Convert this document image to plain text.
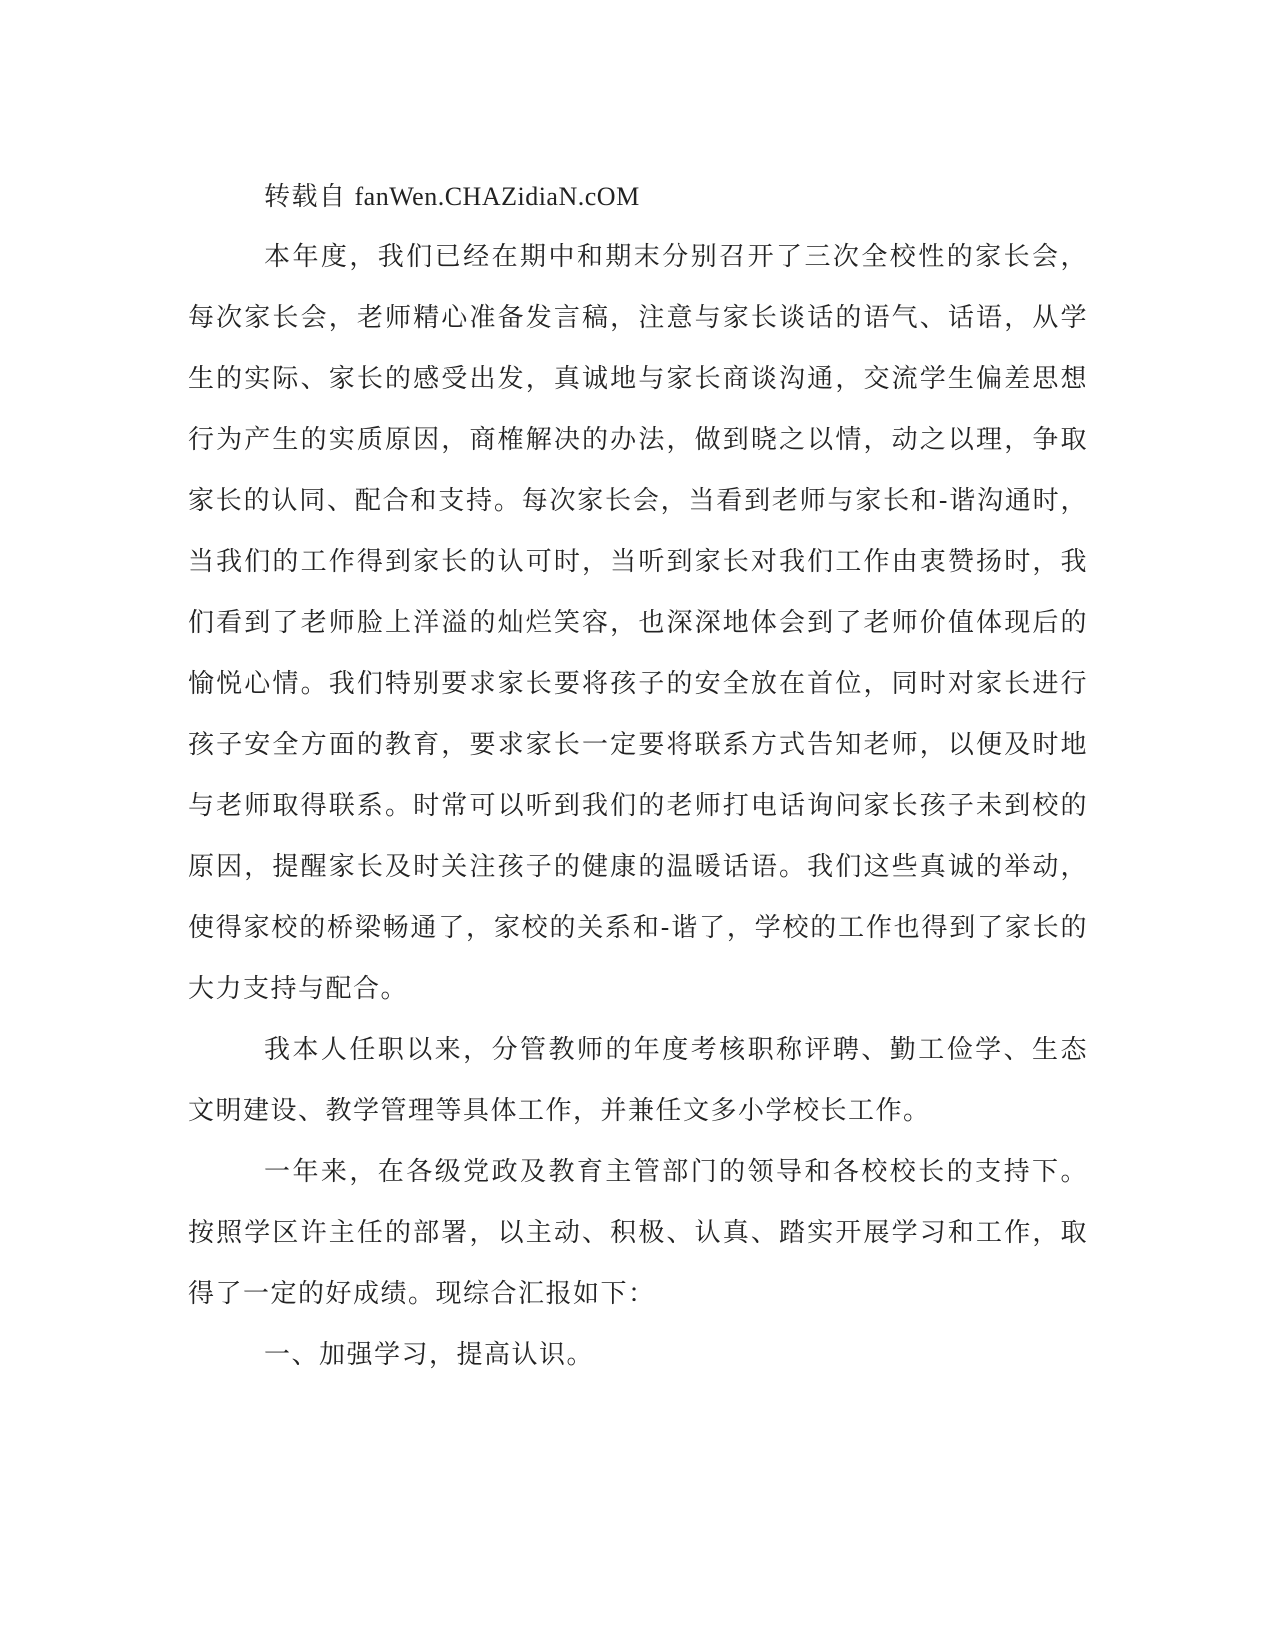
转载自 fanWen.CHAZidiaN.cOM

本年度，我们已经在期中和期末分别召开了三次全校性的家长会，每次家长会，老师精心准备发言稿，注意与家长谈话的语气、话语，从学生的实际、家长的感受出发，真诚地与家长商谈沟通，交流学生偏差思想行为产生的实质原因，商榷解决的办法，做到晓之以情，动之以理，争取家长的认同、配合和支持。每次家长会，当看到老师与家长和-谐沟通时，当我们的工作得到家长的认可时，当听到家长对我们工作由衷赞扬时，我们看到了老师脸上洋溢的灿烂笑容，也深深地体会到了老师价值体现后的愉悦心情。我们特别要求家长要将孩子的安全放在首位，同时对家长进行孩子安全方面的教育，要求家长一定要将联系方式告知老师，以便及时地与老师取得联系。时常可以听到我们的老师打电话询问家长孩子未到校的原因，提醒家长及时关注孩子的健康的温暖话语。我们这些真诚的举动，使得家校的桥梁畅通了，家校的关系和-谐了，学校的工作也得到了家长的大力支持与配合。

我本人任职以来，分管教师的年度考核职称评聘、勤工俭学、生态文明建设、教学管理等具体工作，并兼任文多小学校长工作。

一年来，在各级党政及教育主管部门的领导和各校校长的支持下。按照学区许主任的部署，以主动、积极、认真、踏实开展学习和工作，取得了一定的好成绩。现综合汇报如下：

一、加强学习，提高认识。
